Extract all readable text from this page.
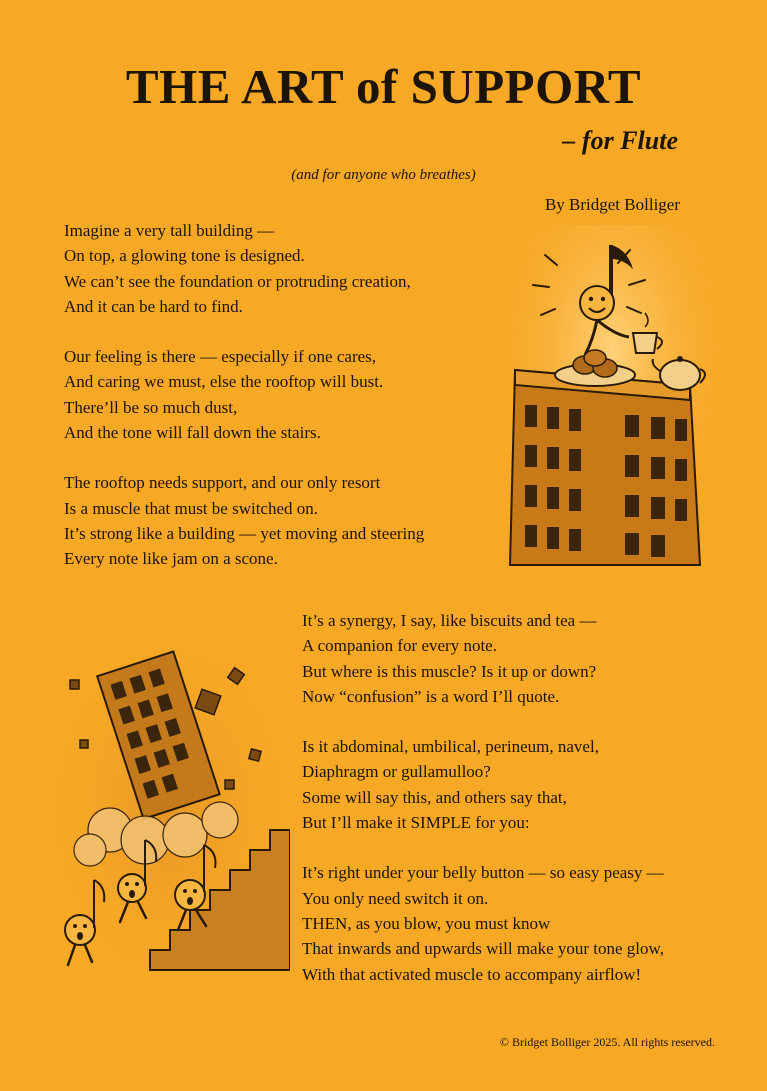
THE ART of SUPPORT
– for Flute
(and for anyone who breathes)
By Bridget Bolliger
Imagine a very tall building —
On top, a glowing tone is designed.
We can’t see the foundation or protruding creation,
And it can be hard to find.
Our feeling is there — especially if one cares,
And caring we must, else the rooftop will bust.
There’ll be so much dust,
And the tone will fall down the stairs.
The rooftop needs support, and our only resort
Is a muscle that must be switched on.
It’s strong like a building — yet moving and steering
Every note like jam on a scone.
It’s a synergy, I say, like biscuits and tea —
A companion for every note.
But where is this muscle? Is it up or down?
Now “confusion” is a word I’ll quote.
Is it abdominal, umbilical, perineum, navel,
Diaphragm or gullamulloo?
Some will say this, and others say that,
But I’ll make it SIMPLE for you:
It’s right under your belly button — so easy peasy —
You only need switch it on.
THEN, as you blow, you must know
That inwards and upwards will make your tone glow,
With that activated muscle to accompany airflow!
© Bridget Bolliger 2025. All rights reserved.
